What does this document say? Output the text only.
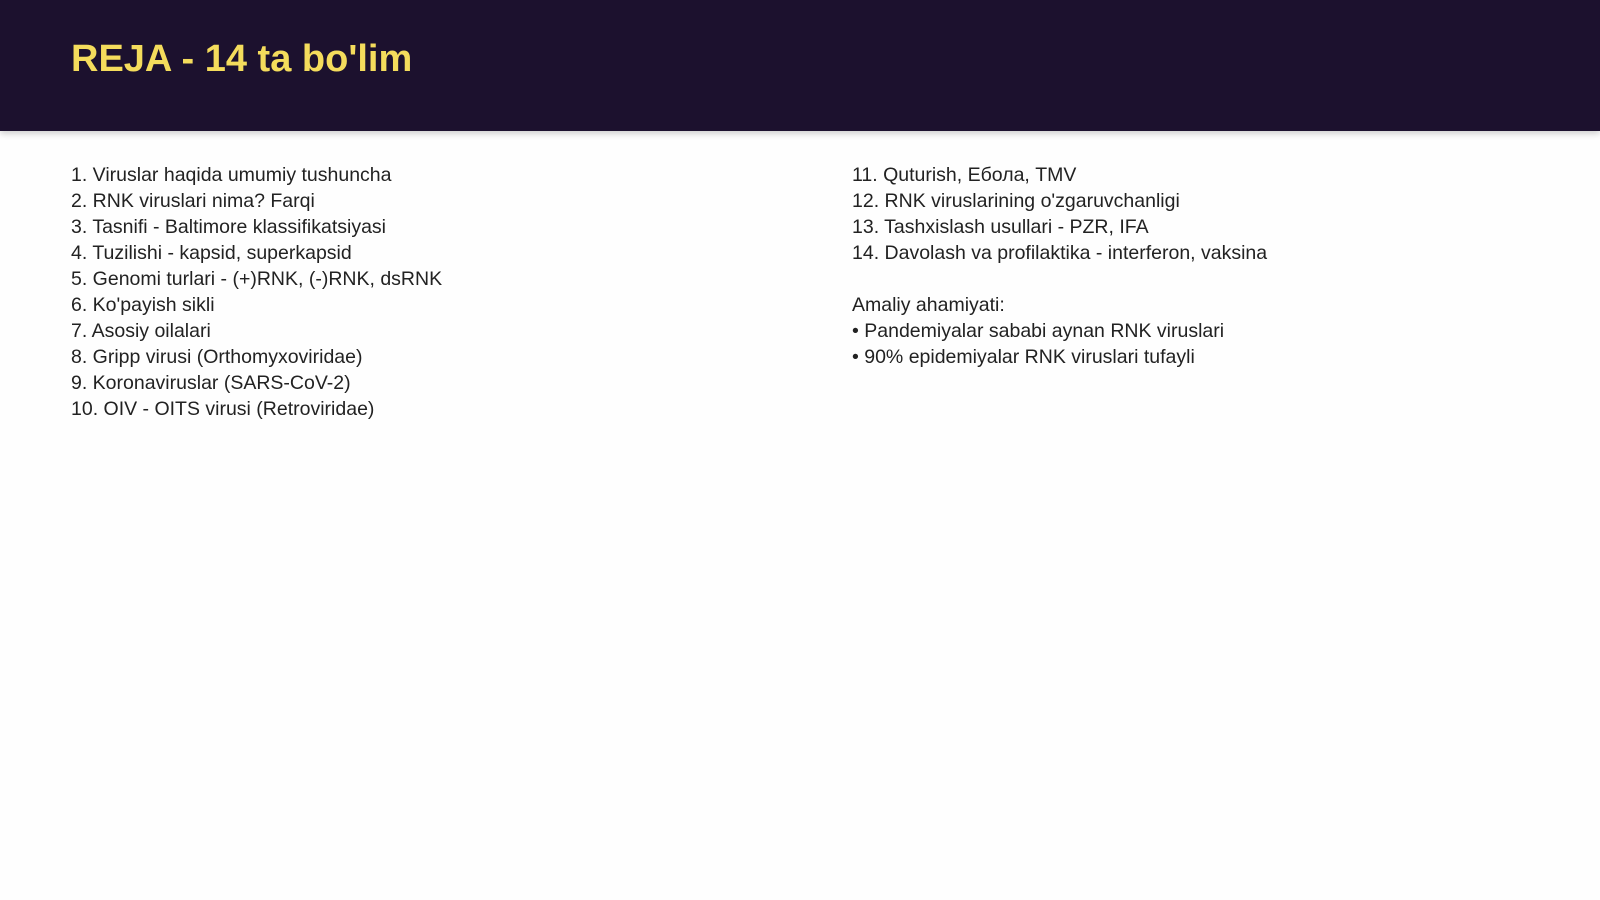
REJA - 14 ta bo'lim
1. Viruslar haqida umumiy tushuncha
2. RNK viruslari nima? Farqi
3. Tasnifi - Baltimore klassifikatsiyasi
4. Tuzilishi - kapsid, superkapsid
5. Genomi turlari - (+)RNK, (-)RNK, dsRNK
6. Ko'payish sikli
7. Asosiy oilalari
8. Gripp virusi (Orthomyxoviridae)
9. Koronaviruslar (SARS-CoV-2)
10. OIV - OITS virusi (Retroviridae)
11. Quturish, Ебола, TMV
12. RNK viruslarining o'zgaruvchanligi
13. Tashxislash usullari - PZR, IFA
14. Davolash va profilaktika - interferon, vaksina
Amaliy ahamiyati:
• Pandemiyalar sababi aynan RNK viruslari
• 90% epidemiyalar RNK viruslari tufayli
